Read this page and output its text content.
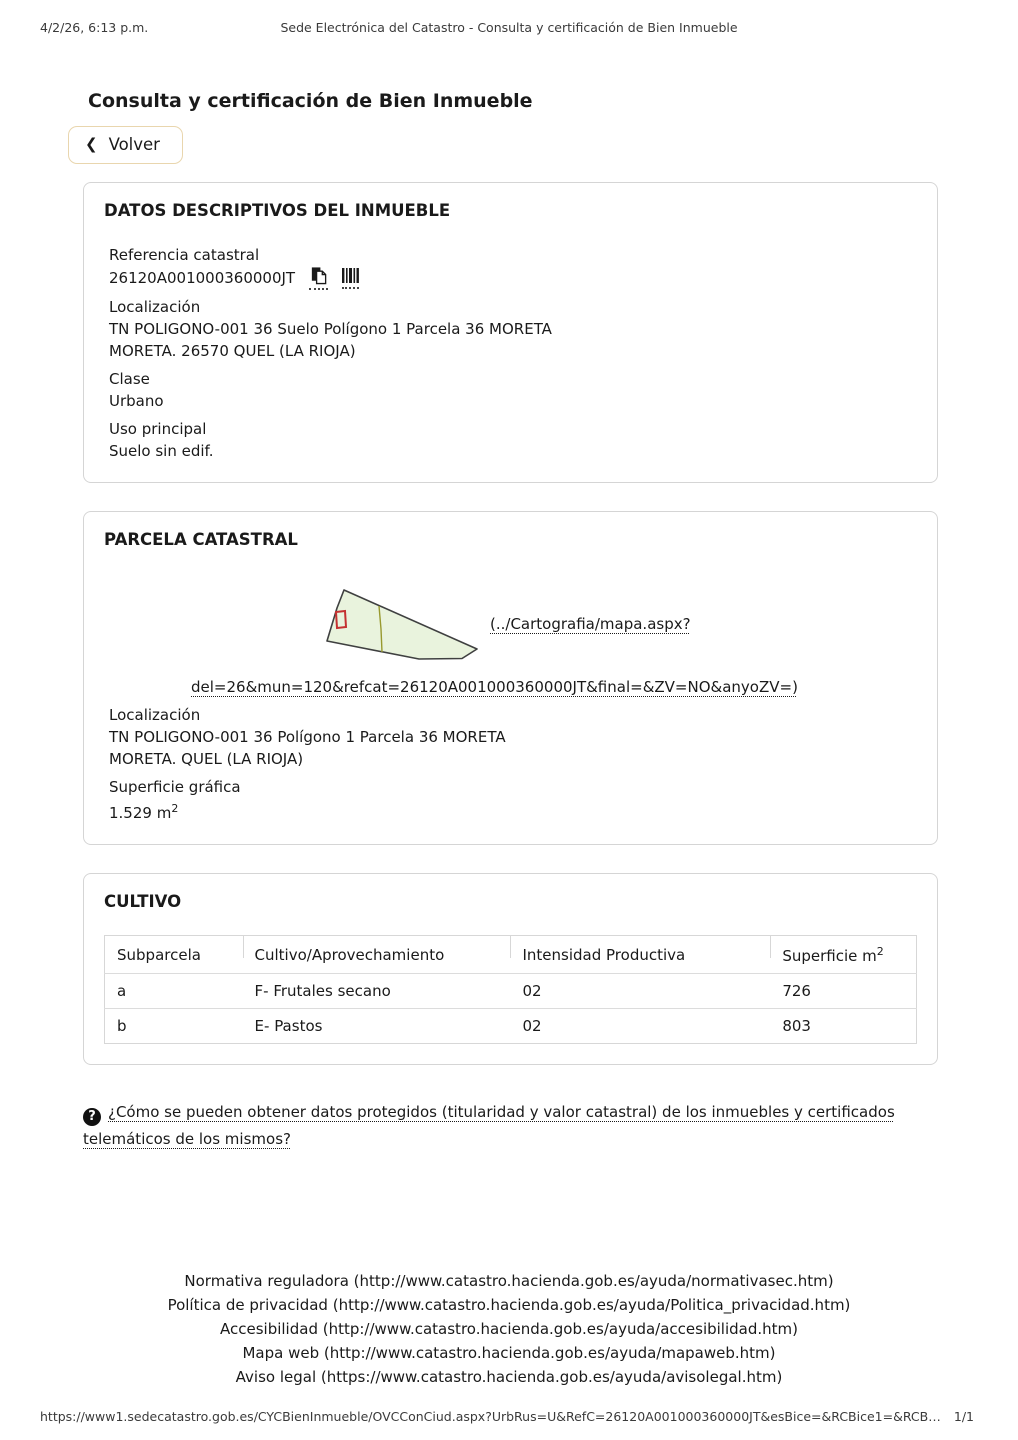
4/2/26, 6:13 p.m.	Sede Electrónica del Catastro - Consulta y certificación de Bien Inmueble
Consulta y certificación de Bien Inmueble
❮ Volver
DATOS DESCRIPTIVOS DEL INMUEBLE
Referencia catastral
26120A001000360000JT
Localización
TN POLIGONO-001 36 Suelo Polígono 1 Parcela 36 MORETA
MORETA. 26570 QUEL (LA RIOJA)
Clase
Urbano
Uso principal
Suelo sin edif.
PARCELA CATASTRAL
(../Cartografia/mapa.aspx?
del=26&mun=120&refcat=26120A001000360000JT&final=&ZV=NO&anyoZV=)
Localización
TN POLIGONO-001 36 Polígono 1 Parcela 36 MORETA
MORETA. QUEL (LA RIOJA)
Superficie gráfica
1.529 $m^2$
CULTIVO
Subparcela	Cultivo/Aprovechamiento	Intensidad Productiva	Superficie $m^2$
a	F- Frutales secano	02	726
b	E- Pastos	02	803
? ¿Cómo se pueden obtener datos protegidos (titularidad y valor catastral) de los inmuebles y certificados telemáticos de los mismos?
Normativa reguladora (http://www.catastro.hacienda.gob.es/ayuda/normativasec.htm)
Política de privacidad (http://www.catastro.hacienda.gob.es/ayuda/Politica_privacidad.htm)
Accesibilidad (http://www.catastro.hacienda.gob.es/ayuda/accesibilidad.htm)
Mapa web (http://www.catastro.hacienda.gob.es/ayuda/mapaweb.htm)
Aviso legal (https://www.catastro.hacienda.gob.es/ayuda/avisolegal.htm)
https://www1.sedecatastro.gob.es/CYCBienInmueble/OVCConCiud.aspx?UrbRus=U&RefC=26120A001000360000JT&esBice=&RCBice1=&RCB… 1/1
